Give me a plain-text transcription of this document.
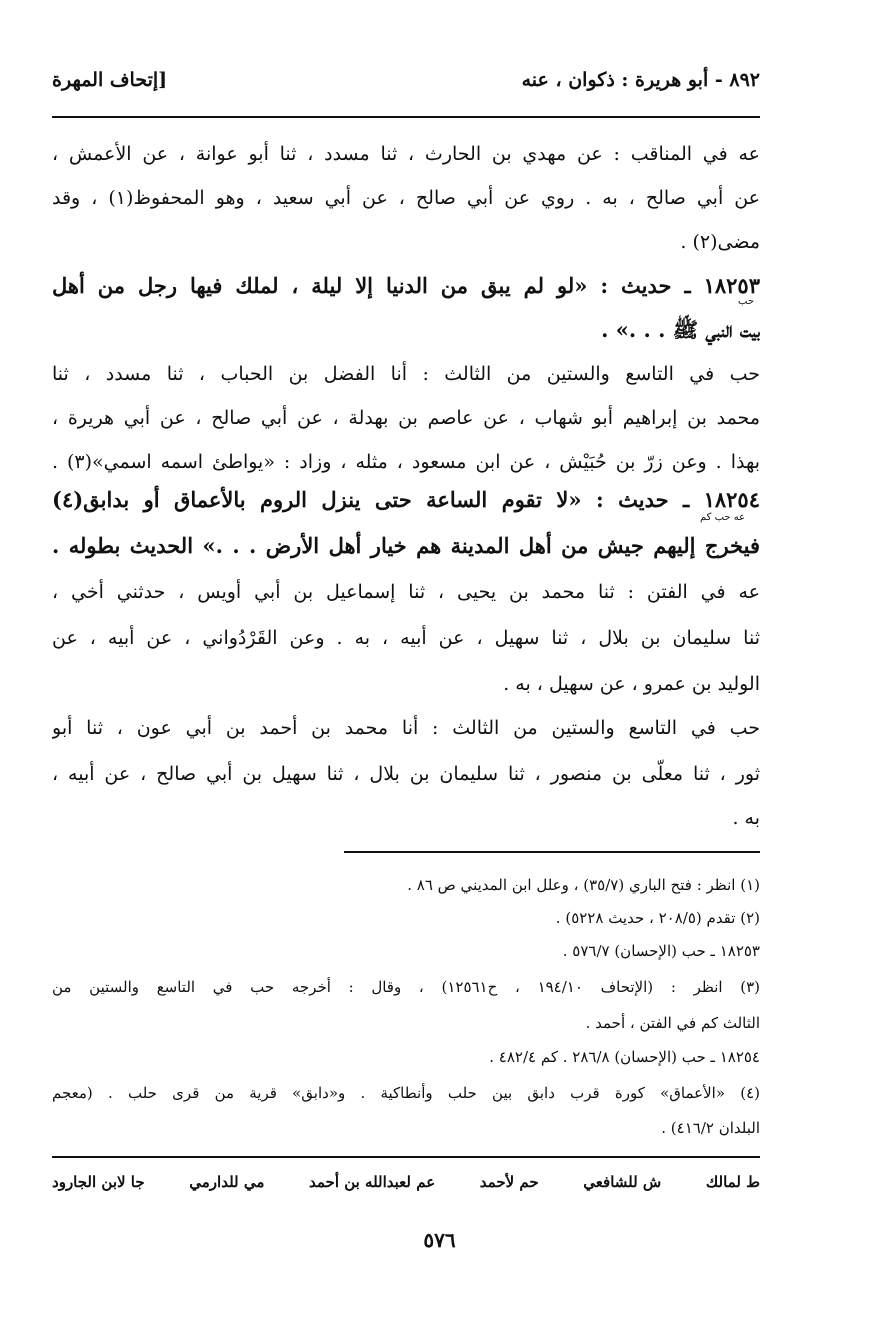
[إتحاف المهرة	٨٩٢ - أبو هريرة : ذكوان ، عنه
عه في المناقب : عن مهدي بن الحارث ، ثنا مسدد ، ثنا أبو عوانة ، عن الأعمش ،
عن أبي صالح ، به . روي عن أبي صالح ، عن أبي سعيد ، وهو المحفوظ(١) ، وقد
مضى(٢) .
١٨٢٥٣ ـ حديث : «لو لم يبق من الدنيا إلا ليلة ، لملك فيها رجل من أهل
حب
بيت النبي ﷺ . . .» .
حب في التاسع والستين من الثالث : أنا الفضل بن الحباب ، ثنا مسدد ، ثنا
محمد بن إبراهيم أبو شهاب ، عن عاصم بن بهدلة ، عن أبي صالح ، عن أبي هريرة ،
بهذا . وعن زرّ بن حُبَيْش ، عن ابن مسعود ، مثله ، وزاد : «يواطئ اسمه اسمي»(٣) .
١٨٢٥٤ ـ حديث : «لا تقوم الساعة حتى ينزل الروم بالأعماق أو بدابق(٤)
عه حب كم
فيخرج إليهم جيش من أهل المدينة هم خيار أهل الأرض . . .» الحديث بطوله .
عه في الفتن : ثنا محمد بن يحيى ، ثنا إسماعيل بن أبي أويس ، حدثني أخي ،
ثنا سليمان بن بلال ، ثنا سهيل ، عن أبيه ، به . وعن القَرْدُواني ، عن أبيه ، عن
الوليد بن عمرو ، عن سهيل ، به .
حب في التاسع والستين من الثالث : أنا محمد بن أحمد بن أبي عون ، ثنا أبو
ثور ، ثنا معلّى بن منصور ، ثنا سليمان بن بلال ، ثنا سهيل بن أبي صالح ، عن أبيه ،
به .
(١) انظر : فتح الباري (٣٥/٧) ، وعلل ابن المديني ص ٨٦ .
(٢) تقدم (٢٠٨/٥ ، حديث ٥٢٢٨) .
١٨٢٥٣ ـ حب (الإحسان) ٥٧٦/٧ .
(٣) انظر : (الإتحاف ١٩٤/١٠ ، ح١٢٥٦١) ، وقال : أخرجه حب في التاسع والستين من
الثالث كم في الفتن ، أحمد .
١٨٢٥٤ ـ حب (الإحسان) ٢٨٦/٨ . كم ٤٨٢/٤ .
(٤) «الأعماق» كورة قرب دابق بين حلب وأنطاكية . و«دابق» قرية من قرى حلب . (معجم
البلدان ٤١٦/٢) .
ط لمالك
ش للشافعي
حم لأحمد
عم لعبدالله بن أحمد
مي للدارمي
جا لابن الجارود
٥٧٦
